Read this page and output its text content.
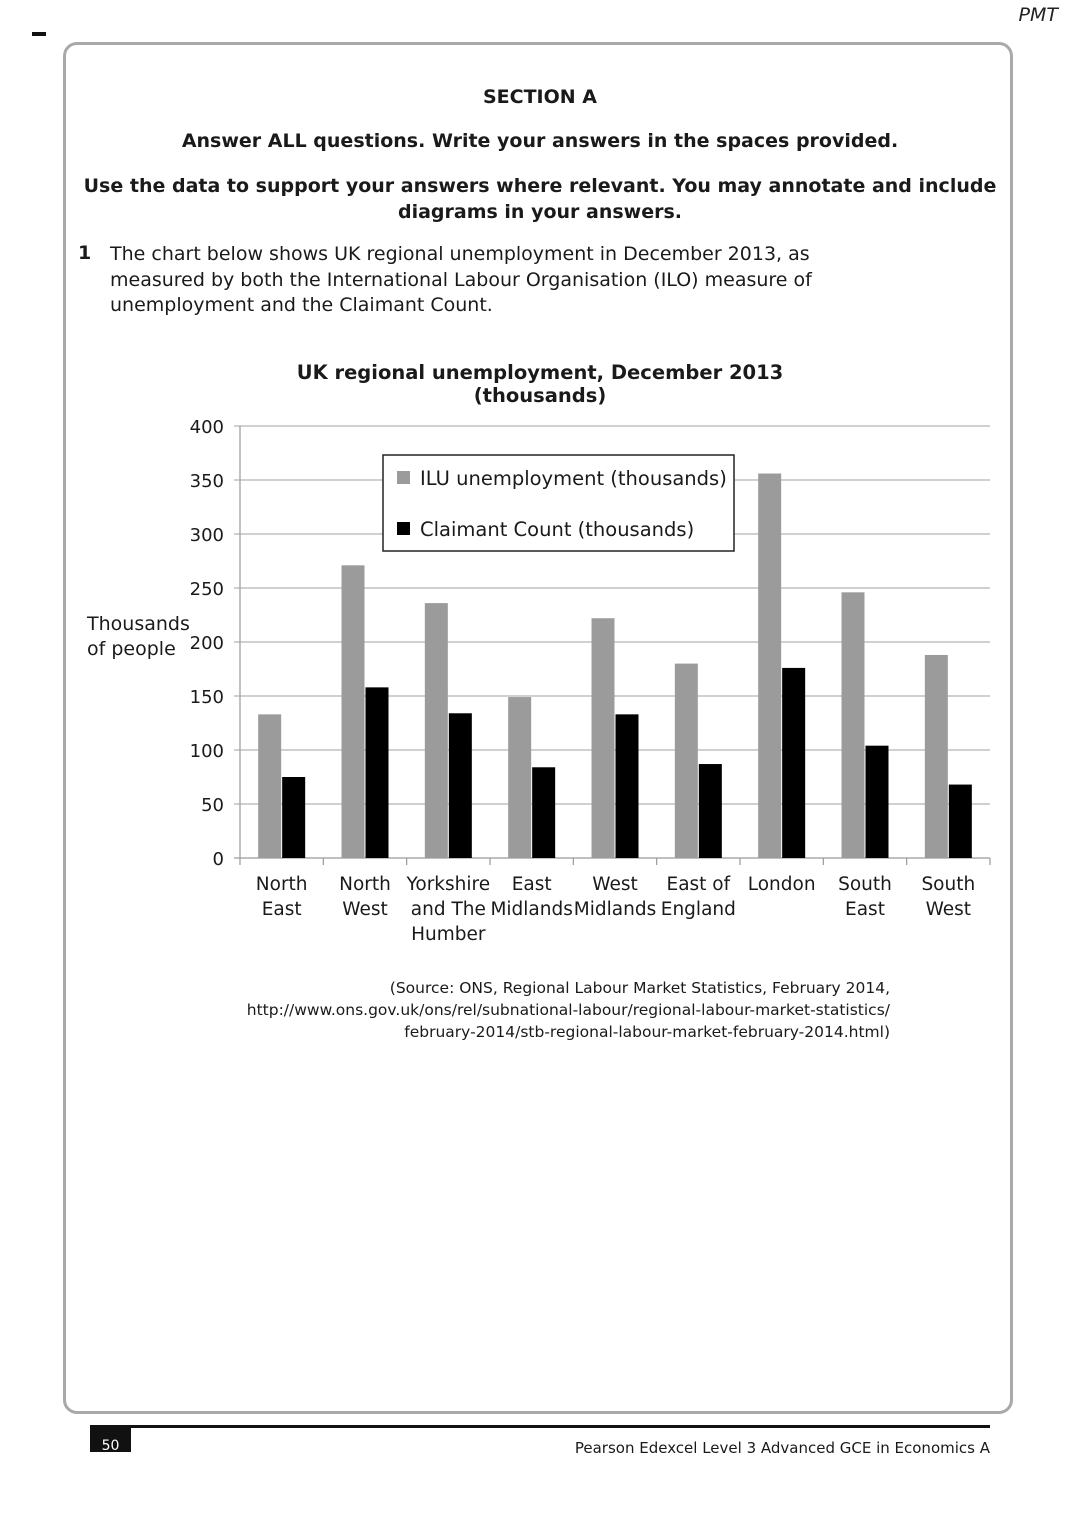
PMT
SECTION A
Answer ALL questions. Write your answers in the spaces provided.
Use the data to support your answers where relevant. You may annotate and include diagrams in your answers.
1 The chart below shows UK regional unemployment in December 2013, as measured by both the International Labour Organisation (ILO) measure of unemployment and the Claimant Count.
UK regional unemployment, December 2013 (thousands)
0
50
100
150
200
250
300
350
400
Thousands
of people
North
East
North
West
Yorkshire
and The
Humber
East
Midlands
West
Midlands
East of
England
London South
East
South
West
ILU unemployment (thousands)
Claimant Count (thousands)
(Source: ONS, Regional Labour Market Statistics, February 2014,
http://www.ons.gov.uk/ons/rel/subnational-labour/regional-labour-market-statistics/
february-2014/stb-regional-labour-market-february-2014.html)
50	Pearson Edexcel Level 3 Advanced GCE in Economics A
